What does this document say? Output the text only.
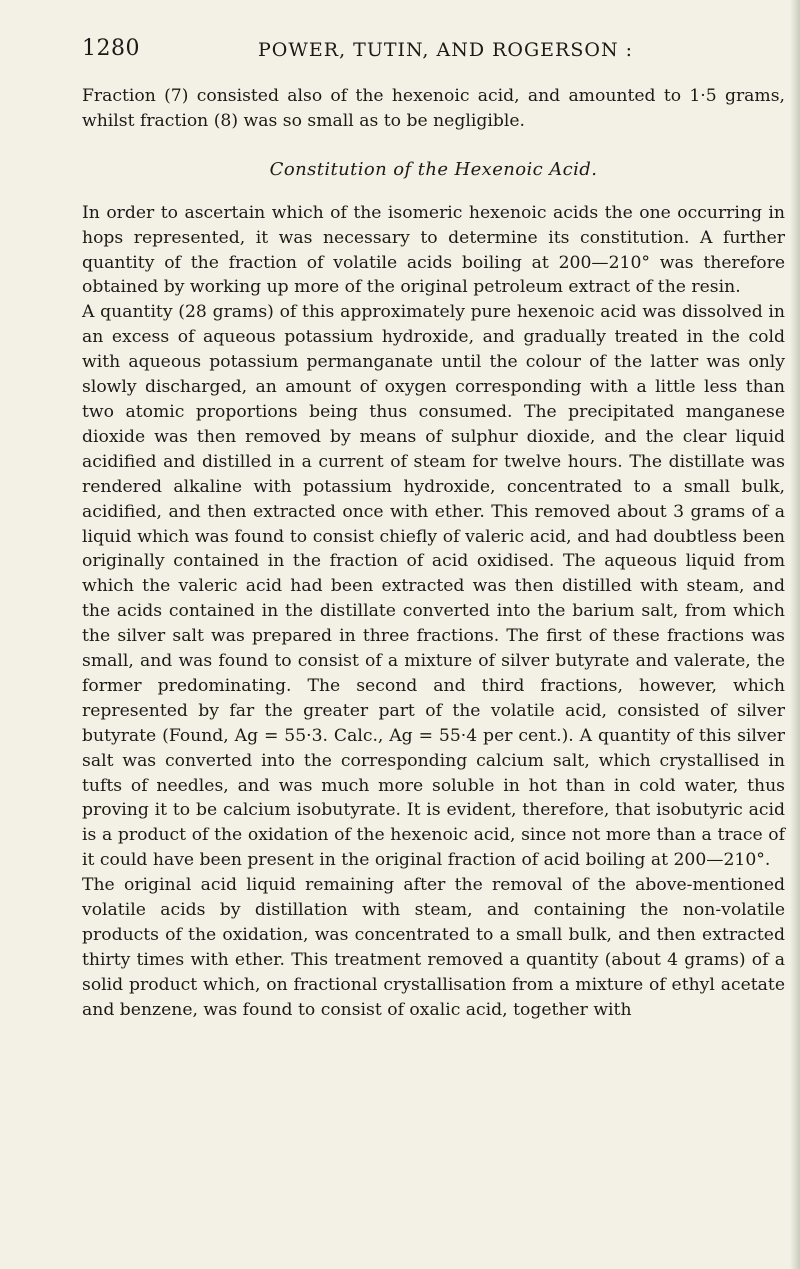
1280	POWER, TUTIN, AND ROGERSON :

Fraction (7) consisted also of the hexenoic acid, and amounted to 1·5 grams, whilst fraction (8) was so small as to be negligible.

Constitution of the Hexenoic Acid.

In order to ascertain which of the isomeric hexenoic acids the one occurring in hops represented, it was necessary to determine its constitution. A further quantity of the fraction of volatile acids boiling at 200—210° was therefore obtained by working up more of the original petroleum extract of the resin.

A quantity (28 grams) of this approximately pure hexenoic acid was dissolved in an excess of aqueous potassium hydroxide, and gradually treated in the cold with aqueous potassium permanganate until the colour of the latter was only slowly discharged, an amount of oxygen corresponding with a little less than two atomic proportions being thus consumed. The precipitated manganese dioxide was then removed by means of sulphur dioxide, and the clear liquid acidified and distilled in a current of steam for twelve hours. The distillate was rendered alkaline with potassium hydroxide, concentrated to a small bulk, acidified, and then extracted once with ether. This removed about 3 grams of a liquid which was found to consist chiefly of valeric acid, and had doubtless been originally contained in the fraction of acid oxidised. The aqueous liquid from which the valeric acid had been extracted was then distilled with steam, and the acids contained in the distillate converted into the barium salt, from which the silver salt was prepared in three fractions. The first of these fractions was small, and was found to consist of a mixture of silver butyrate and valerate, the former predominating. The second and third fractions, however, which represented by far the greater part of the volatile acid, consisted of silver butyrate (Found, Ag = 55·3. Calc., Ag = 55·4 per cent.). A quantity of this silver salt was converted into the corresponding calcium salt, which crystallised in tufts of needles, and was much more soluble in hot than in cold water, thus proving it to be calcium isobutyrate. It is evident, therefore, that isobutyric acid is a product of the oxidation of the hexenoic acid, since not more than a trace of it could have been present in the original fraction of acid boiling at 200—210°.

The original acid liquid remaining after the removal of the above-mentioned volatile acids by distillation with steam, and containing the non-volatile products of the oxidation, was concentrated to a small bulk, and then extracted thirty times with ether. This treatment removed a quantity (about 4 grams) of a solid product which, on fractional crystallisation from a mixture of ethyl acetate and benzene, was found to consist of oxalic acid, together with
